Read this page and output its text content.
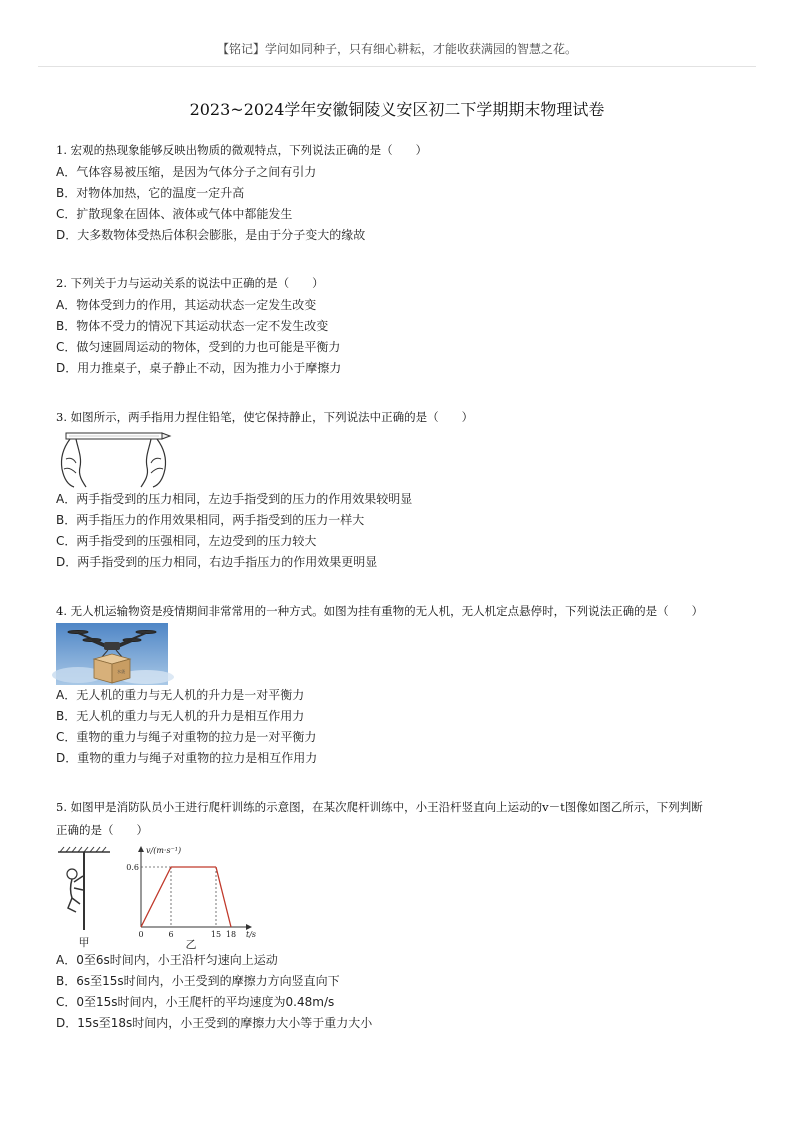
【铭记】学问如同种子，只有细心耕耘，才能收获满园的智慧之花。
2023~2024学年安徽铜陵义安区初二下学期期末物理试卷
1. 宏观的热现象能够反映出物质的微观特点，下列说法正确的是（　　）
A．气体容易被压缩，是因为气体分子之间有引力
B．对物体加热，它的温度一定升高
C．扩散现象在固体、液体或气体中都能发生
D．大多数物体受热后体积会膨胀，是由于分子变大的缘故
2. 下列关于力与运动关系的说法中正确的是（　　）
A．物体受到力的作用，其运动状态一定发生改变
B．物体不受力的情况下其运动状态一定不发生改变
C．做匀速圆周运动的物体，受到的力也可能是平衡力
D．用力推桌子，桌子静止不动，因为推力小于摩擦力
3. 如图所示，两手指用力捏住铅笔，使它保持静止，下列说法中正确的是（　　）
A．两手指受到的压力相同，左边手指受到的压力的作用效果较明显
B．两手指压力的作用效果相同，两手指受到的压力一样大
C．两手指受到的压强相同，左边受到的压力较大
D．两手指受到的压力相同，右边手指压力的作用效果更明显
4. 无人机运输物资是疫情期间非常常用的一种方式。如图为挂有重物的无人机，无人机定点悬停时，下列说法正确的是（　　）
水货
A．无人机的重力与无人机的升力是一对平衡力
B．无人机的重力与无人机的升力是相互作用力
C．重物的重力与绳子对重物的拉力是一对平衡力
D．重物的重力与绳子对重物的拉力是相互作用力
5. 如图甲是消防队员小王进行爬杆训练的示意图，在某次爬杆训练中，小王沿杆竖直向上运动的v－t图像如图乙所示，下列判断
正确的是（　　）
甲
v/(m·s⁻¹)
t/s
0	6	15 18
0.6
乙
A．0至6s时间内，小王沿杆匀速向上运动
B．6s至15s时间内，小王受到的摩擦力方向竖直向下
C．0至15s时间内，小王爬杆的平均速度为0.48m/s
D．15s至18s时间内，小王受到的摩擦力大小等于重力大小
